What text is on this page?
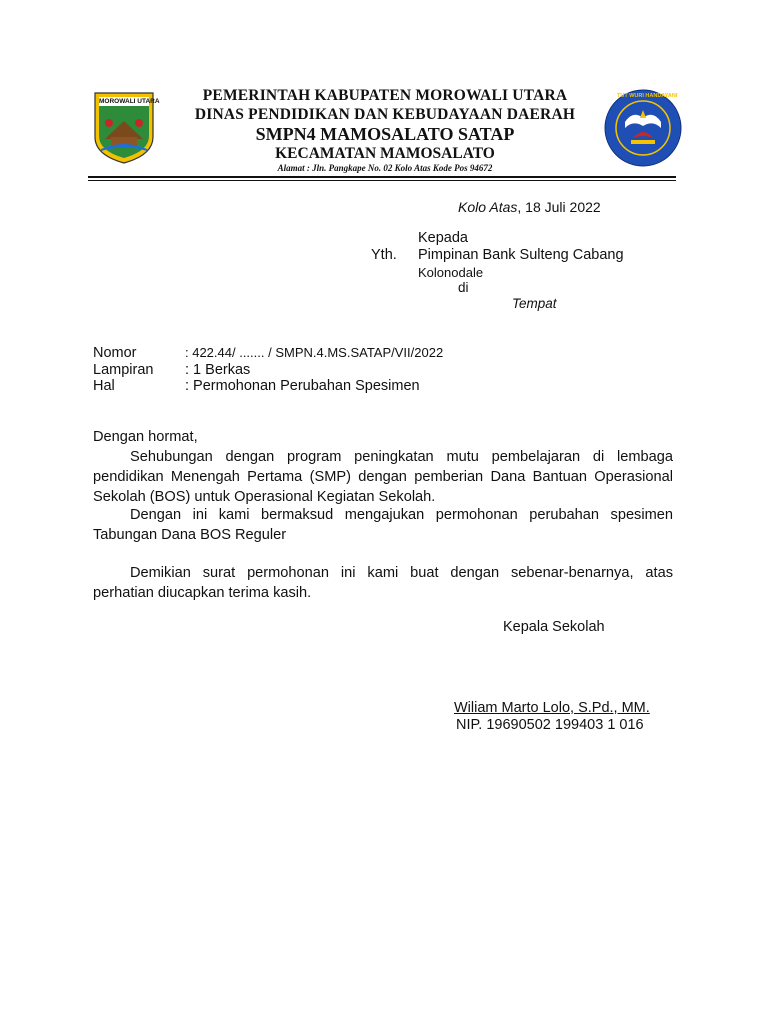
MOROWALI UTARA
TUT WURI HANDAYANI
PEMERINTAH KABUPATEN MOROWALI UTARA
DINAS PENDIDIKAN DAN KEBUDAYAAN DAERAH
SMPN4 MAMOSALATO SATAP
KECAMATAN MAMOSALATO
Alamat : Jln. Pangkape No. 02 Kolo Atas Kode Pos 94672
Kolo Atas, 18 Juli 2022
Kepada
Yth. Pimpinan Bank Sulteng Cabang
Kolonodale
di
Tempat
Nomor	: 422.44/ ....... / SMPN.4.MS.SATAP/VII/2022
Lampiran : 1 Berkas
Hal	: Permohonan Perubahan Spesimen
Dengan hormat,
Sehubungan dengan program peningkatan mutu pembelajaran di lembaga pendidikan Menengah Pertama (SMP) dengan pemberian Dana Bantuan Operasional Sekolah (BOS) untuk Operasional Kegiatan Sekolah.
Dengan ini kami bermaksud mengajukan permohonan perubahan spesimen Tabungan Dana BOS Reguler
Demikian surat permohonan ini kami buat dengan sebenar-benarnya, atas perhatian diucapkan terima kasih.
Kepala Sekolah
Wiliam Marto Lolo, S.Pd., MM.
NIP. 19690502 199403 1 016
